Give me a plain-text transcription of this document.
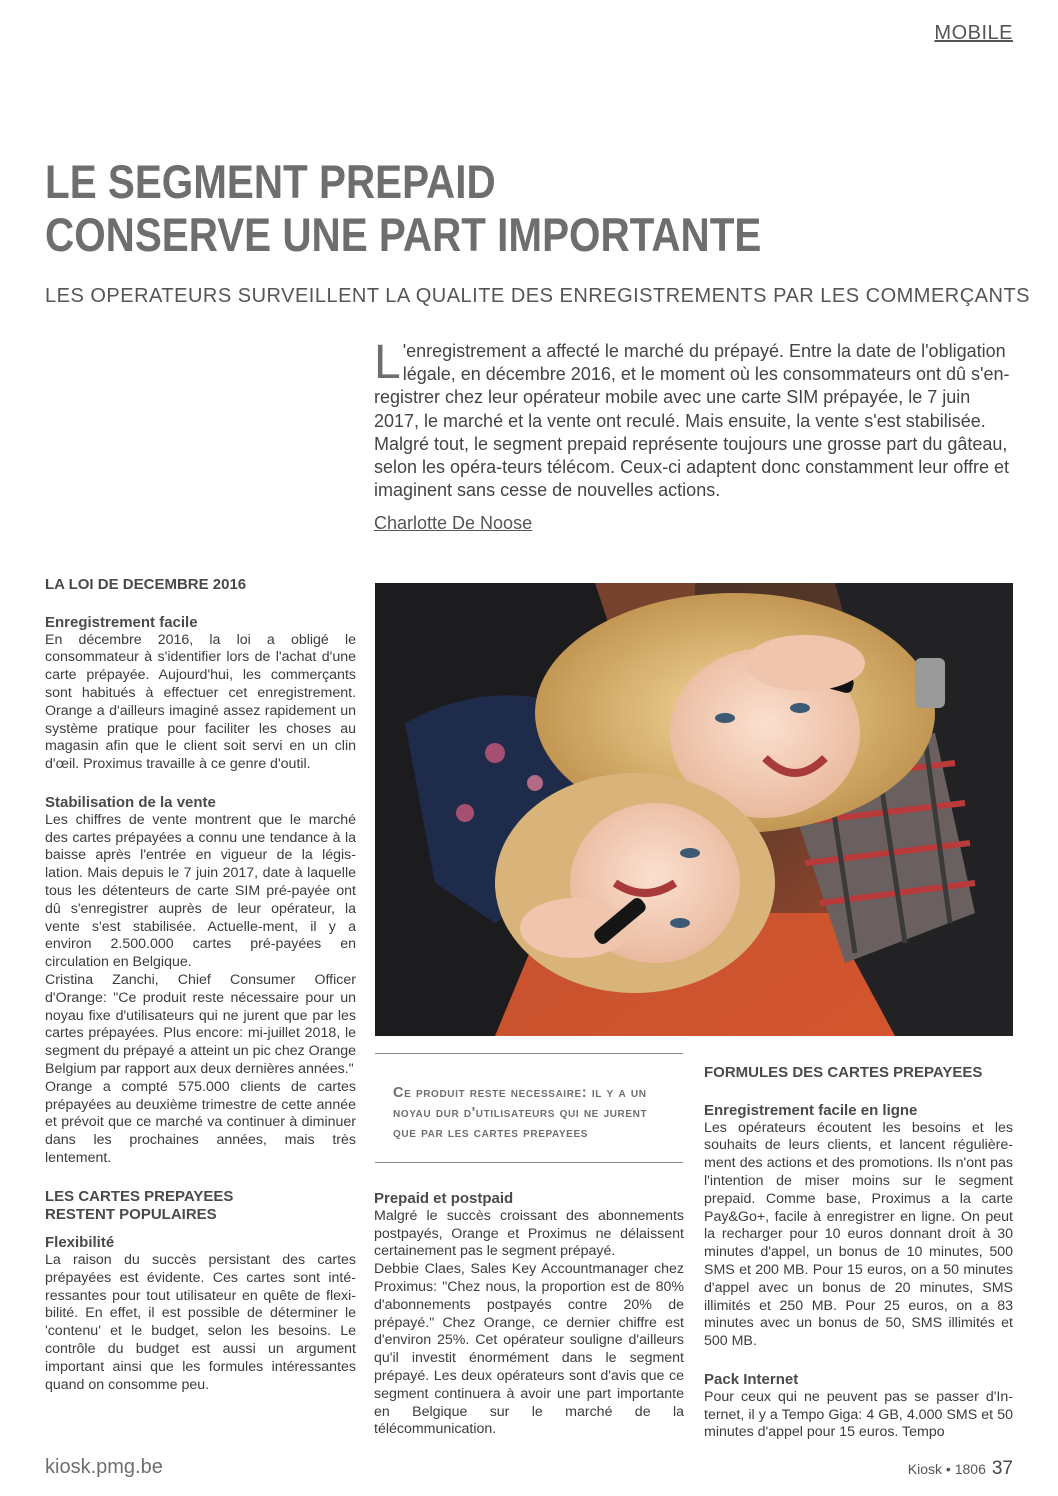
MOBILE
LE SEGMENT PREPAID
CONSERVE UNE PART IMPORTANTE
LES OPERATEURS SURVEILLENT LA QUALITE DES ENREGISTREMENTS PAR LES COMMERÇANTS
L 'enregistrement a affecté le marché du prépayé. Entre la date de l'obligation légale, en décembre 2016, et le moment où les consommateurs ont dû s'en-registrer chez leur opérateur mobile avec une carte SIM prépayée, le 7 juin 2017, le marché et la vente ont reculé. Mais ensuite, la vente s'est stabilisée. Malgré tout, le segment prepaid représente toujours une grosse part du gâteau, selon les opéra-teurs télécom. Ceux-ci adaptent donc constamment leur offre et imaginent sans cesse de nouvelles actions.
Charlotte De Noose
LA LOI DE DECEMBRE 2016
Enregistrement facile

En décembre 2016, la loi a obligé le consommateur à s'identifier lors de l'achat d'une carte prépayée. Aujourd'hui, les commerçants sont habitués à effectuer cet enregistrement. Orange a d'ailleurs imaginé assez rapidement un système pratique pour faciliter les choses au magasin afin que le client soit servi en un clin d'œil. Proximus travaille à ce genre d'outil.

Stabilisation de la vente

Les chiffres de vente montrent que le marché des cartes prépayées a connu une tendance à la baisse après l'entrée en vigueur de la légis-lation. Mais depuis le 7 juin 2017, date à laquelle tous les détenteurs de carte SIM pré-payée ont dû s'enregistrer auprès de leur opérateur, la vente s'est stabilisée. Actuelle-ment, il y a environ 2.500.000 cartes pré-payées en circulation en Belgique.

Cristina Zanchi, Chief Consumer Officer d'Orange: "Ce produit reste nécessaire pour un noyau fixe d'utilisateurs qui ne jurent que par les cartes prépayées. Plus encore: mi-juillet 2018, le segment du prépayé a atteint un pic chez Orange Belgium par rapport aux deux dernières années."

Orange a compté 575.000 clients de cartes prépayées au deuxième trimestre de cette année et prévoit que ce marché va continuer à diminuer dans les prochaines années, mais très lentement.

LES CARTES PREPAYEES
RESTENT POPULAIRES
Flexibilité

La raison du succès persistant des cartes prépayées est évidente. Ces cartes sont inté-ressantes pour tout utilisateur en quête de flexi-bilité. En effet, il est possible de déterminer le 'contenu' et le budget, selon les besoins. Le contrôle du budget est aussi un argument important ainsi que les formules intéressantes quand on consomme peu.

Ce produit reste necessaire: il y a un noyau dur d'utilisateurs qui ne jurent que par les cartes prepayees
Prepaid et postpaid

Malgré le succès croissant des abonnements postpayés, Orange et Proximus ne délaissent certainement pas le segment prépayé.

Debbie Claes, Sales Key Accountmanager chez Proximus: "Chez nous, la proportion est de 80% d'abonnements postpayés contre 20% de prépayé." Chez Orange, ce dernier chiffre est d'environ 25%. Cet opérateur souligne d'ailleurs qu'il investit énormément dans le segment prépayé. Les deux opérateurs sont d'avis que ce segment continuera à avoir une part importante en Belgique sur le marché de la télécommunication.

FORMULES DES CARTES PREPAYEES
Enregistrement facile en ligne

Les opérateurs écoutent les besoins et les souhaits de leurs clients, et lancent régulière-ment des actions et des promotions. Ils n'ont pas l'intention de miser moins sur le segment prepaid. Comme base, Proximus a la carte Pay&Go+, facile à enregistrer en ligne. On peut la recharger pour 10 euros donnant droit à 30 minutes d'appel, un bonus de 10 minutes, 500 SMS et 200 MB. Pour 15 euros, on a 50 minutes d'appel avec un bonus de 20 minutes, SMS illimités et 250 MB. Pour 25 euros, on a 83 minutes avec un bonus de 50, SMS illimités et 500 MB.

Pack Internet

Pour ceux qui ne peuvent pas se passer d'In-ternet, il y a Tempo Giga: 4 GB, 4.000 SMS et 50 minutes d'appel pour 15 euros. Tempo

kiosk.pmg.be	Kiosk • 1806 37
